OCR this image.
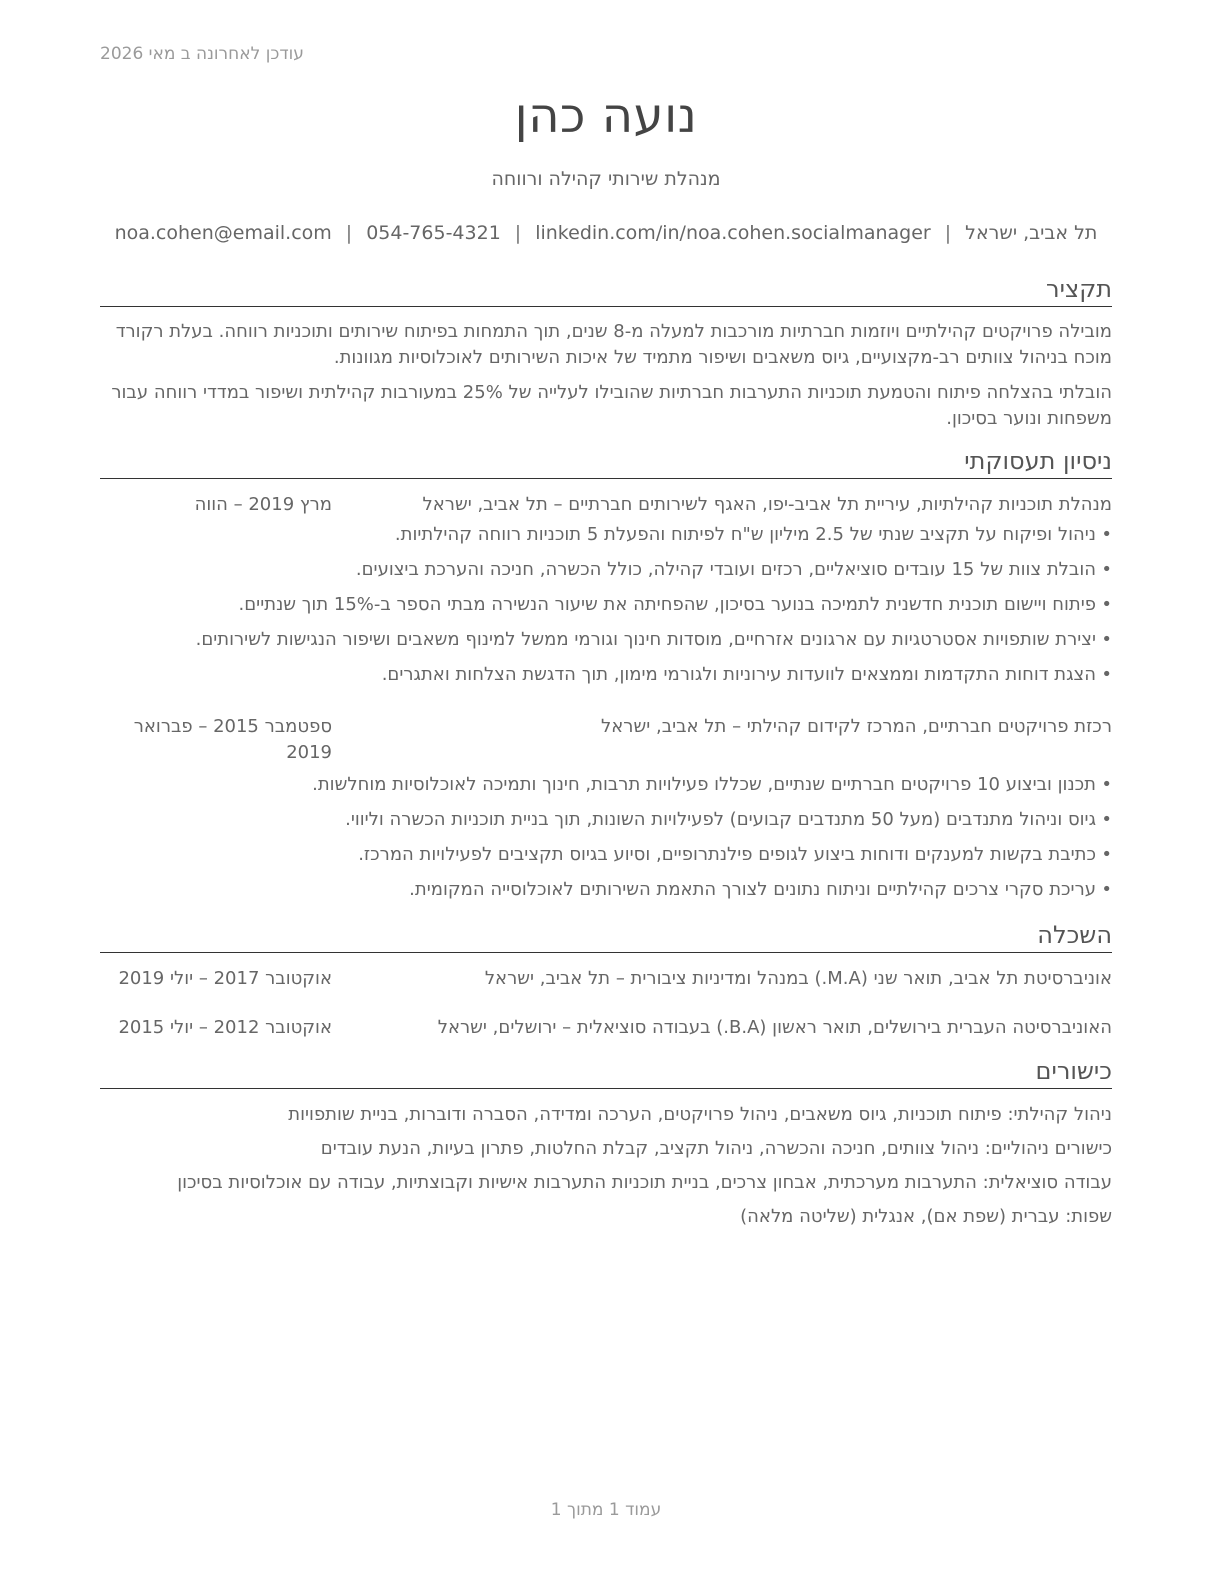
עודכן לאחרונה ב מאי 2026

נועה כהן

מנהלת שירותי קהילה ורווחה

תל אביב, ישראל|noa.cohen@email.com | 054-765-4321 | linkedin.com/in/noa.cohen.socialmanager

תקציר

מובילה פרויקטים קהילתיים ויוזמות חברתיות מורכבות למעלה מ-8 שנים, תוך התמחות בפיתוח שירותים ותוכניות רווחה. בעלת רקורד מוכח בניהול צוותים רב-מקצועיים, גיוס משאבים ושיפור מתמיד של איכות השירותים לאוכלוסיות מגוונות.

הובלתי בהצלחה פיתוח והטמעת תוכניות התערבות חברתיות שהובילו לעלייה של 25% במעורבות קהילתית ושיפור במדדי רווחה עבור משפחות ונוער בסיכון.

ניסיון תעסוקתי
מנהלת תוכניות קהילתיות, עיריית תל אביב-יפו, האגף לשירותים חברתיים – תל אביב, ישראל
מרץ 2019 – הווה
• ניהול ופיקוח על תקציב שנתי של 2.5 מיליון ש"ח לפיתוח והפעלת 5 תוכניות רווחה קהילתיות.
• הובלת צוות של 15 עובדים סוציאליים, רכזים ועובדי קהילה, כולל הכשרה, חניכה והערכת ביצועים.
• פיתוח ויישום תוכנית חדשנית לתמיכה בנוער בסיכון, שהפחיתה את שיעור הנשירה מבתי הספר ב-15% תוך שנתיים.
• יצירת שותפויות אסטרטגיות עם ארגונים אזרחיים, מוסדות חינוך וגורמי ממשל למינוף משאבים ושיפור הנגישות לשירותים.
• הצגת דוחות התקדמות וממצאים לוועדות עירוניות ולגורמי מימון, תוך הדגשת הצלחות ואתגרים.
רכזת פרויקטים חברתיים, המרכז לקידום קהילתי – תל אביב, ישראל
ספטמבר 2015 – פברואר 2019
• תכנון וביצוע 10 פרויקטים חברתיים שנתיים, שכללו פעילויות תרבות, חינוך ותמיכה לאוכלוסיות מוחלשות.
• גיוס וניהול מתנדבים (מעל 50 מתנדבים קבועים) לפעילויות השונות, תוך בניית תוכניות הכשרה וליווי.
• כתיבת בקשות למענקים ודוחות ביצוע לגופים פילנתרופיים, וסיוע בגיוס תקציבים לפעילויות המרכז.
• עריכת סקרי צרכים קהילתיים וניתוח נתונים לצורך התאמת השירותים לאוכלוסייה המקומית.
השכלה
אוניברסיטת תל אביב, תואר שני (M.A.) במנהל ומדיניות ציבורית – תל אביב, ישראל
אוקטובר 2017 – יולי 2019
האוניברסיטה העברית בירושלים, תואר ראשון (B.A.) בעבודה סוציאלית – ירושלים, ישראל
אוקטובר 2012 – יולי 2015
כישורים
ניהול קהילתי: פיתוח תוכניות, גיוס משאבים, ניהול פרויקטים, הערכה ומדידה, הסברה ודוברות, בניית שותפויות
כישורים ניהוליים: ניהול צוותים, חניכה והכשרה, ניהול תקציב, קבלת החלטות, פתרון בעיות, הנעת עובדים
עבודה סוציאלית: התערבות מערכתית, אבחון צרכים, בניית תוכניות התערבות אישיות וקבוצתיות, עבודה עם אוכלוסיות בסיכון
שפות: עברית (שפת אם), אנגלית (שליטה מלאה)

עמוד 1 מתוך 1
